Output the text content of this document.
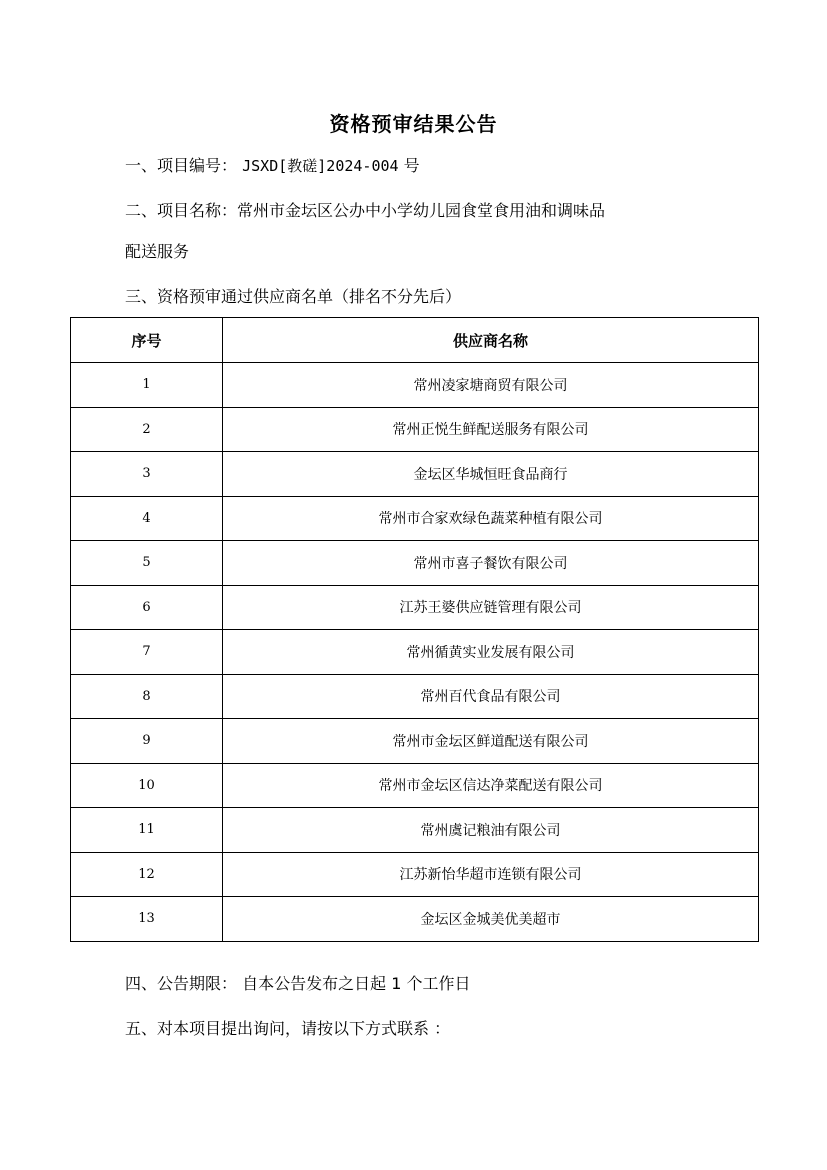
资格预审结果公告
一、项目编号： JSXD[教磋]2024-004 号
二、项目名称：常州市金坛区公办中小学幼儿园食堂食用油和调味品
配送服务
三、资格预审通过供应商名单（排名不分先后）
序号	供应商名称
1	常州凌家塘商贸有限公司
2	常州正悦生鲜配送服务有限公司
3	金坛区华城恒旺食品商行
4	常州市合家欢绿色蔬菜种植有限公司
5	常州市喜子餐饮有限公司
6	江苏王婆供应链管理有限公司
7	常州循黄实业发展有限公司
8	常州百代食品有限公司
9	常州市金坛区鲜道配送有限公司
10	常州市金坛区信达净菜配送有限公司
11	常州虞记粮油有限公司
12	江苏新怡华超市连锁有限公司
13	金坛区金城美优美超市
四、公告期限： 自本公告发布之日起 1 个工作日
五、对本项目提出询问，请按以下方式联系 ：
